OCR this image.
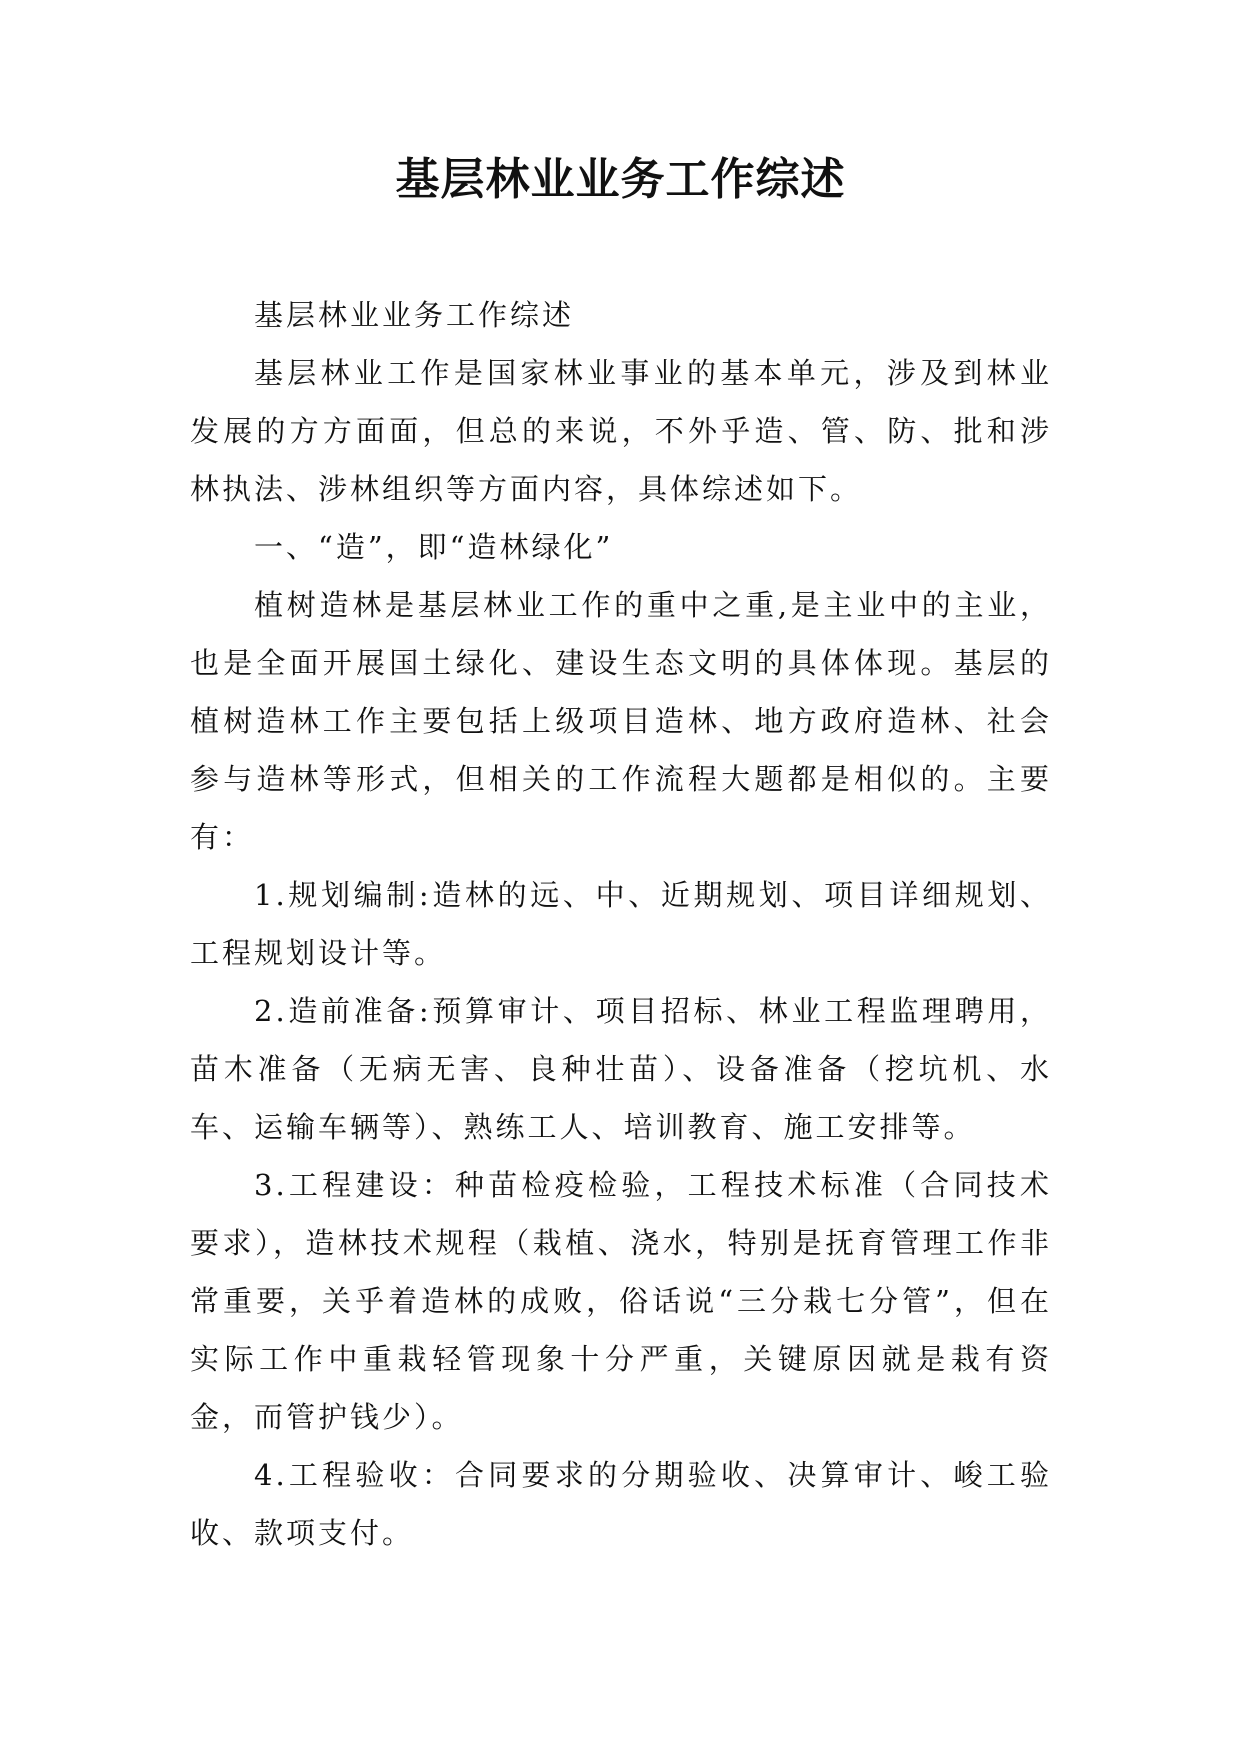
基层林业业务工作综述

基层林业业务工作综述

基层林业工作是国家林业事业的基本单元，涉及到林业发展的方方面面，但总的来说，不外乎造、管、防、批和涉林执法、涉林组织等方面内容，具体综述如下。

一、“造”，即“造林绿化”

植树造林是基层林业工作的重中之重,是主业中的主业，也是全面开展国土绿化、建设生态文明的具体体现。基层的植树造林工作主要包括上级项目造林、地方政府造林、社会参与造林等形式，但相关的工作流程大题都是相似的。主要有：

1.规划编制:造林的远、中、近期规划、项目详细规划、工程规划设计等。

2.造前准备:预算审计、项目招标、林业工程监理聘用，苗木准备（无病无害、良种壮苗）、设备准备（挖坑机、水车、运输车辆等）、熟练工人、培训教育、施工安排等。

3.工程建设：种苗检疫检验，工程技术标准（合同技术要求），造林技术规程（栽植、浇水，特别是抚育管理工作非常重要，关乎着造林的成败，俗话说“三分栽七分管”，但在实际工作中重栽轻管现象十分严重，关键原因就是栽有资金，而管护钱少）。

4.工程验收：合同要求的分期验收、决算审计、峻工验收、款项支付。
